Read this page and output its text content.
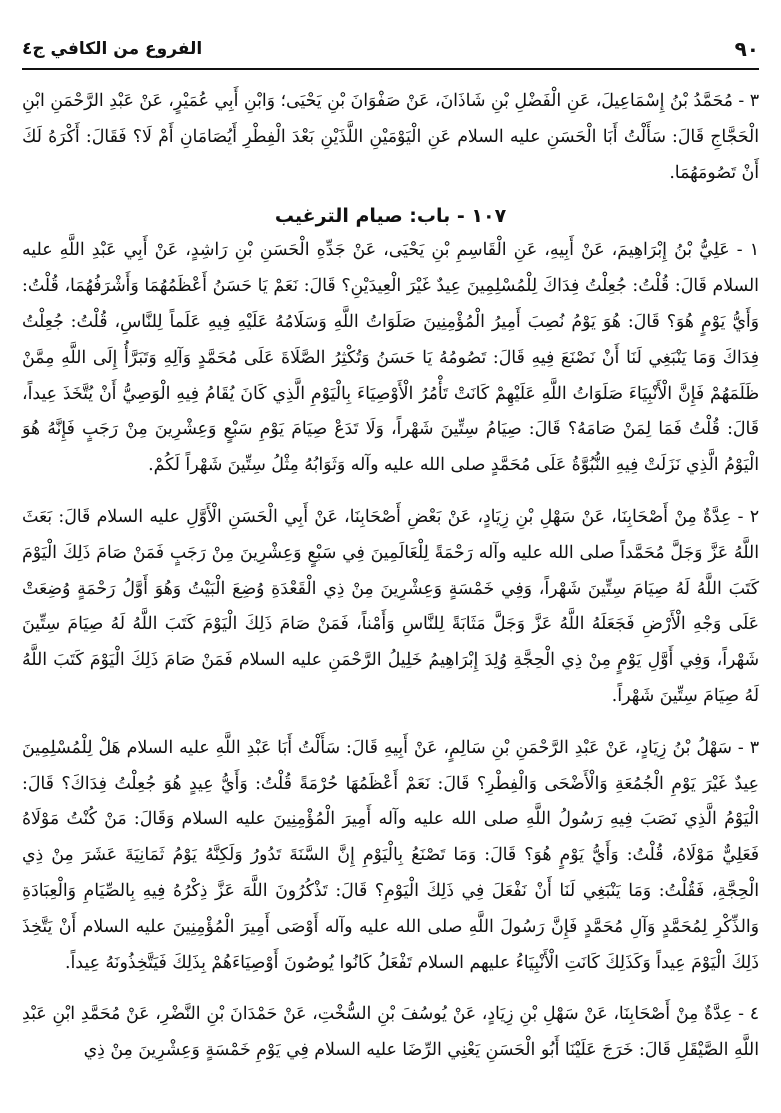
٩٠
الفروع من الكافي ج٤

٣ - مُحَمَّدُ بْنُ إِسْمَاعِيلَ، عَنِ الْفَضْلِ بْنِ شَاذَانَ، عَنْ صَفْوَانَ بْنِ يَحْيَى؛ وَابْنِ أَبِي عُمَيْرٍ، عَنْ عَبْدِ الرَّحْمَنِ ابْنِ الْحَجَّاجِ قَالَ: سَأَلْتُ أَبَا الْحَسَنِ عليه السلام عَنِ الْيَوْمَيْنِ اللَّذَيْنِ بَعْدَ الْفِطْرِ أَيُصَامَانِ أَمْ لَا؟ فَقَالَ: أَكْرَهُ لَكَ أَنْ تَصُومَهُمَا.

١٠٧ - باب: صيام الترغيب

١ - عَلِيُّ بْنُ إِبْرَاهِيمَ، عَنْ أَبِيهِ، عَنِ الْقَاسِمِ بْنِ يَحْيَى، عَنْ جَدِّهِ الْحَسَنِ بْنِ رَاشِدٍ، عَنْ أَبِي عَبْدِ اللَّهِ عليه السلام قَالَ: قُلْتُ: جُعِلْتُ فِدَاكَ لِلْمُسْلِمِينَ عِيدٌ غَيْرَ الْعِيدَيْنِ؟ قَالَ: نَعَمْ يَا حَسَنُ أَعْظَمُهُمَا وَأَشْرَفُهُمَا، قُلْتُ: وَأَيُّ يَوْمٍ هُوَ؟ قَالَ: هُوَ يَوْمُ نُصِبَ أَمِيرُ الْمُؤْمِنِينَ صَلَوَاتُ اللَّهِ وَسَلَامُهُ عَلَيْهِ فِيهِ عَلَماً لِلنَّاسِ، قُلْتُ: جُعِلْتُ فِدَاكَ وَمَا يَنْبَغِي لَنَا أَنْ نَصْنَعَ فِيهِ قَالَ: تَصُومُهُ يَا حَسَنُ وَتُكْثِرُ الصَّلَاةَ عَلَى مُحَمَّدٍ وَآلِهِ وَتَبَرَّأُ إِلَى اللَّهِ مِمَّنْ ظَلَمَهُمْ فَإِنَّ الْأَنْبِيَاءَ صَلَوَاتُ اللَّهِ عَلَيْهِمْ كَانَتْ تَأْمُرُ الْأَوْصِيَاءَ بِالْيَوْمِ الَّذِي كَانَ يُقَامُ فِيهِ الْوَصِيُّ أَنْ يُتَّخَذَ عِيداً، قَالَ: قُلْتُ فَمَا لِمَنْ صَامَهُ؟ قَالَ: صِيَامُ سِتِّينَ شَهْراً، وَلَا تَدَعْ صِيَامَ يَوْمِ سَبْعٍ وَعِشْرِينَ مِنْ رَجَبٍ فَإِنَّهُ هُوَ الْيَوْمُ الَّذِي نَزَلَتْ فِيهِ النُّبُوَّةُ عَلَى مُحَمَّدٍ صلى الله عليه وآله وَثَوَابُهُ مِثْلُ سِتِّينَ شَهْراً لَكُمْ.

٢ - عِدَّةٌ مِنْ أَصْحَابِنَا، عَنْ سَهْلِ بْنِ زِيَادٍ، عَنْ بَعْضِ أَصْحَابِنَا، عَنْ أَبِي الْحَسَنِ الْأَوَّلِ عليه السلام قَالَ: بَعَثَ اللَّهُ عَزَّ وَجَلَّ مُحَمَّداً صلى الله عليه وآله رَحْمَةً لِلْعَالَمِينَ فِي سَبْعٍ وَعِشْرِينَ مِنْ رَجَبٍ فَمَنْ صَامَ ذَلِكَ الْيَوْمَ كَتَبَ اللَّهُ لَهُ صِيَامَ سِتِّينَ شَهْراً، وَفِي خَمْسَةٍ وَعِشْرِينَ مِنْ ذِي الْقَعْدَةِ وُضِعَ الْبَيْتُ وَهُوَ أَوَّلُ رَحْمَةٍ وُضِعَتْ عَلَى وَجْهِ الْأَرْضِ فَجَعَلَهُ اللَّهُ عَزَّ وَجَلَّ مَثَابَةً لِلنَّاسِ وَأَمْناً، فَمَنْ صَامَ ذَلِكَ الْيَوْمَ كَتَبَ اللَّهُ لَهُ صِيَامَ سِتِّينَ شَهْراً، وَفِي أَوَّلِ يَوْمٍ مِنْ ذِي الْحِجَّةِ وُلِدَ إِبْرَاهِيمُ خَلِيلُ الرَّحْمَنِ عليه السلام فَمَنْ صَامَ ذَلِكَ الْيَوْمَ كَتَبَ اللَّهُ لَهُ صِيَامَ سِتِّينَ شَهْراً.

٣ - سَهْلُ بْنُ زِيَادٍ، عَنْ عَبْدِ الرَّحْمَنِ بْنِ سَالِمٍ، عَنْ أَبِيهِ قَالَ: سَأَلْتُ أَبَا عَبْدِ اللَّهِ عليه السلام هَلْ لِلْمُسْلِمِينَ عِيدٌ غَيْرَ يَوْمِ الْجُمُعَةِ وَالْأَضْحَى وَالْفِطْرِ؟ قَالَ: نَعَمْ أَعْظَمُهَا حُرْمَةً قُلْتُ: وَأَيُّ عِيدٍ هُوَ جُعِلْتُ فِدَاكَ؟ قَالَ: الْيَوْمُ الَّذِي نَصَبَ فِيهِ رَسُولُ اللَّهِ صلى الله عليه وآله أَمِيرَ الْمُؤْمِنِينَ عليه السلام وَقَالَ: مَنْ كُنْتُ مَوْلَاهُ فَعَلِيٌّ مَوْلَاهُ، قُلْتُ: وَأَيُّ يَوْمٍ هُوَ؟ قَالَ: وَمَا تَصْنَعُ بِالْيَوْمِ إِنَّ السَّنَةَ تَدُورُ وَلَكِنَّهُ يَوْمُ ثَمَانِيَةَ عَشَرَ مِنْ ذِي الْحِجَّةِ، فَقُلْتُ: وَمَا يَنْبَغِي لَنَا أَنْ نَفْعَلَ فِي ذَلِكَ الْيَوْمِ؟ قَالَ: تَذْكُرُونَ اللَّهَ عَزَّ ذِكْرُهُ فِيهِ بِالصِّيَامِ وَالْعِبَادَةِ وَالذِّكْرِ لِمُحَمَّدٍ وَآلِ مُحَمَّدٍ فَإِنَّ رَسُولَ اللَّهِ صلى الله عليه وآله أَوْصَى أَمِيرَ الْمُؤْمِنِينَ عليه السلام أَنْ يَتَّخِذَ ذَلِكَ الْيَوْمَ عِيداً وَكَذَلِكَ كَانَتِ الْأَنْبِيَاءُ عليهم السلام تَفْعَلُ كَانُوا يُوصُونَ أَوْصِيَاءَهُمْ بِذَلِكَ فَيَتَّخِذُونَهُ عِيداً.

٤ - عِدَّةٌ مِنْ أَصْحَابِنَا، عَنْ سَهْلِ بْنِ زِيَادٍ، عَنْ يُوسُفَ بْنِ السُّخْتِ، عَنْ حَمْدَانَ بْنِ النَّضْرِ، عَنْ مُحَمَّدِ ابْنِ عَبْدِ اللَّهِ الصَّيْقَلِ قَالَ: خَرَجَ عَلَيْنَا أَبُو الْحَسَنِ يَعْنِي الرِّضَا عليه السلام فِي يَوْمِ خَمْسَةٍ وَعِشْرِينَ مِنْ ذِي
